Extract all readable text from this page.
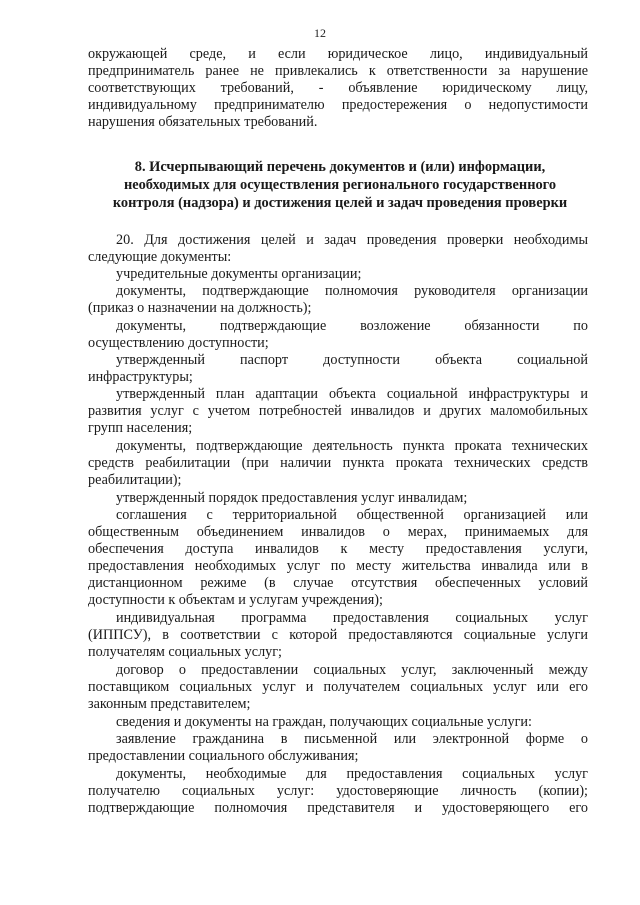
12
окружающей среде, и если юридическое лицо, индивидуальный
предприниматель ранее не привлекались к ответственности за нарушение
соответствующих требований, - объявление юридическому лицу,
индивидуальному предпринимателю предостережения о недопустимости
нарушения обязательных требований.
8. Исчерпывающий перечень документов и (или) информации,
необходимых для осуществления регионального государственного
контроля (надзора) и достижения целей и задач проведения проверки
20. Для достижения целей и задач проведения проверки необходимы
следующие документы:
учредительные документы организации;
документы, подтверждающие полномочия руководителя организации
(приказ о назначении на должность);
документы, подтверждающие возложение обязанности по
осуществлению доступности;
утвержденный паспорт доступности объекта социальной
инфраструктуры;
утвержденный план адаптации объекта социальной инфраструктуры и
развития услуг с учетом потребностей инвалидов и других маломобильных
групп населения;
документы, подтверждающие деятельность пункта проката технических
средств реабилитации (при наличии пункта проката технических средств
реабилитации);
утвержденный порядок предоставления услуг инвалидам;
соглашения с территориальной общественной организацией или
общественным объединением инвалидов о мерах, принимаемых для
обеспечения доступа инвалидов к месту предоставления услуги,
предоставления необходимых услуг по месту жительства инвалида или в
дистанционном режиме (в случае отсутствия обеспеченных условий
доступности к объектам и услугам учреждения);
индивидуальная программа предоставления социальных услуг
(ИППСУ), в соответствии с которой предоставляются социальные услуги
получателям социальных услуг;
договор о предоставлении социальных услуг, заключенный между
поставщиком социальных услуг и получателем социальных услуг или его
законным представителем;
сведения и документы на граждан, получающих социальные услуги:
заявление гражданина в письменной или электронной форме о
предоставлении социального обслуживания;
документы, необходимые для предоставления социальных услуг
получателю социальных услуг: удостоверяющие личность (копии);
подтверждающие полномочия представителя и удостоверяющего его
